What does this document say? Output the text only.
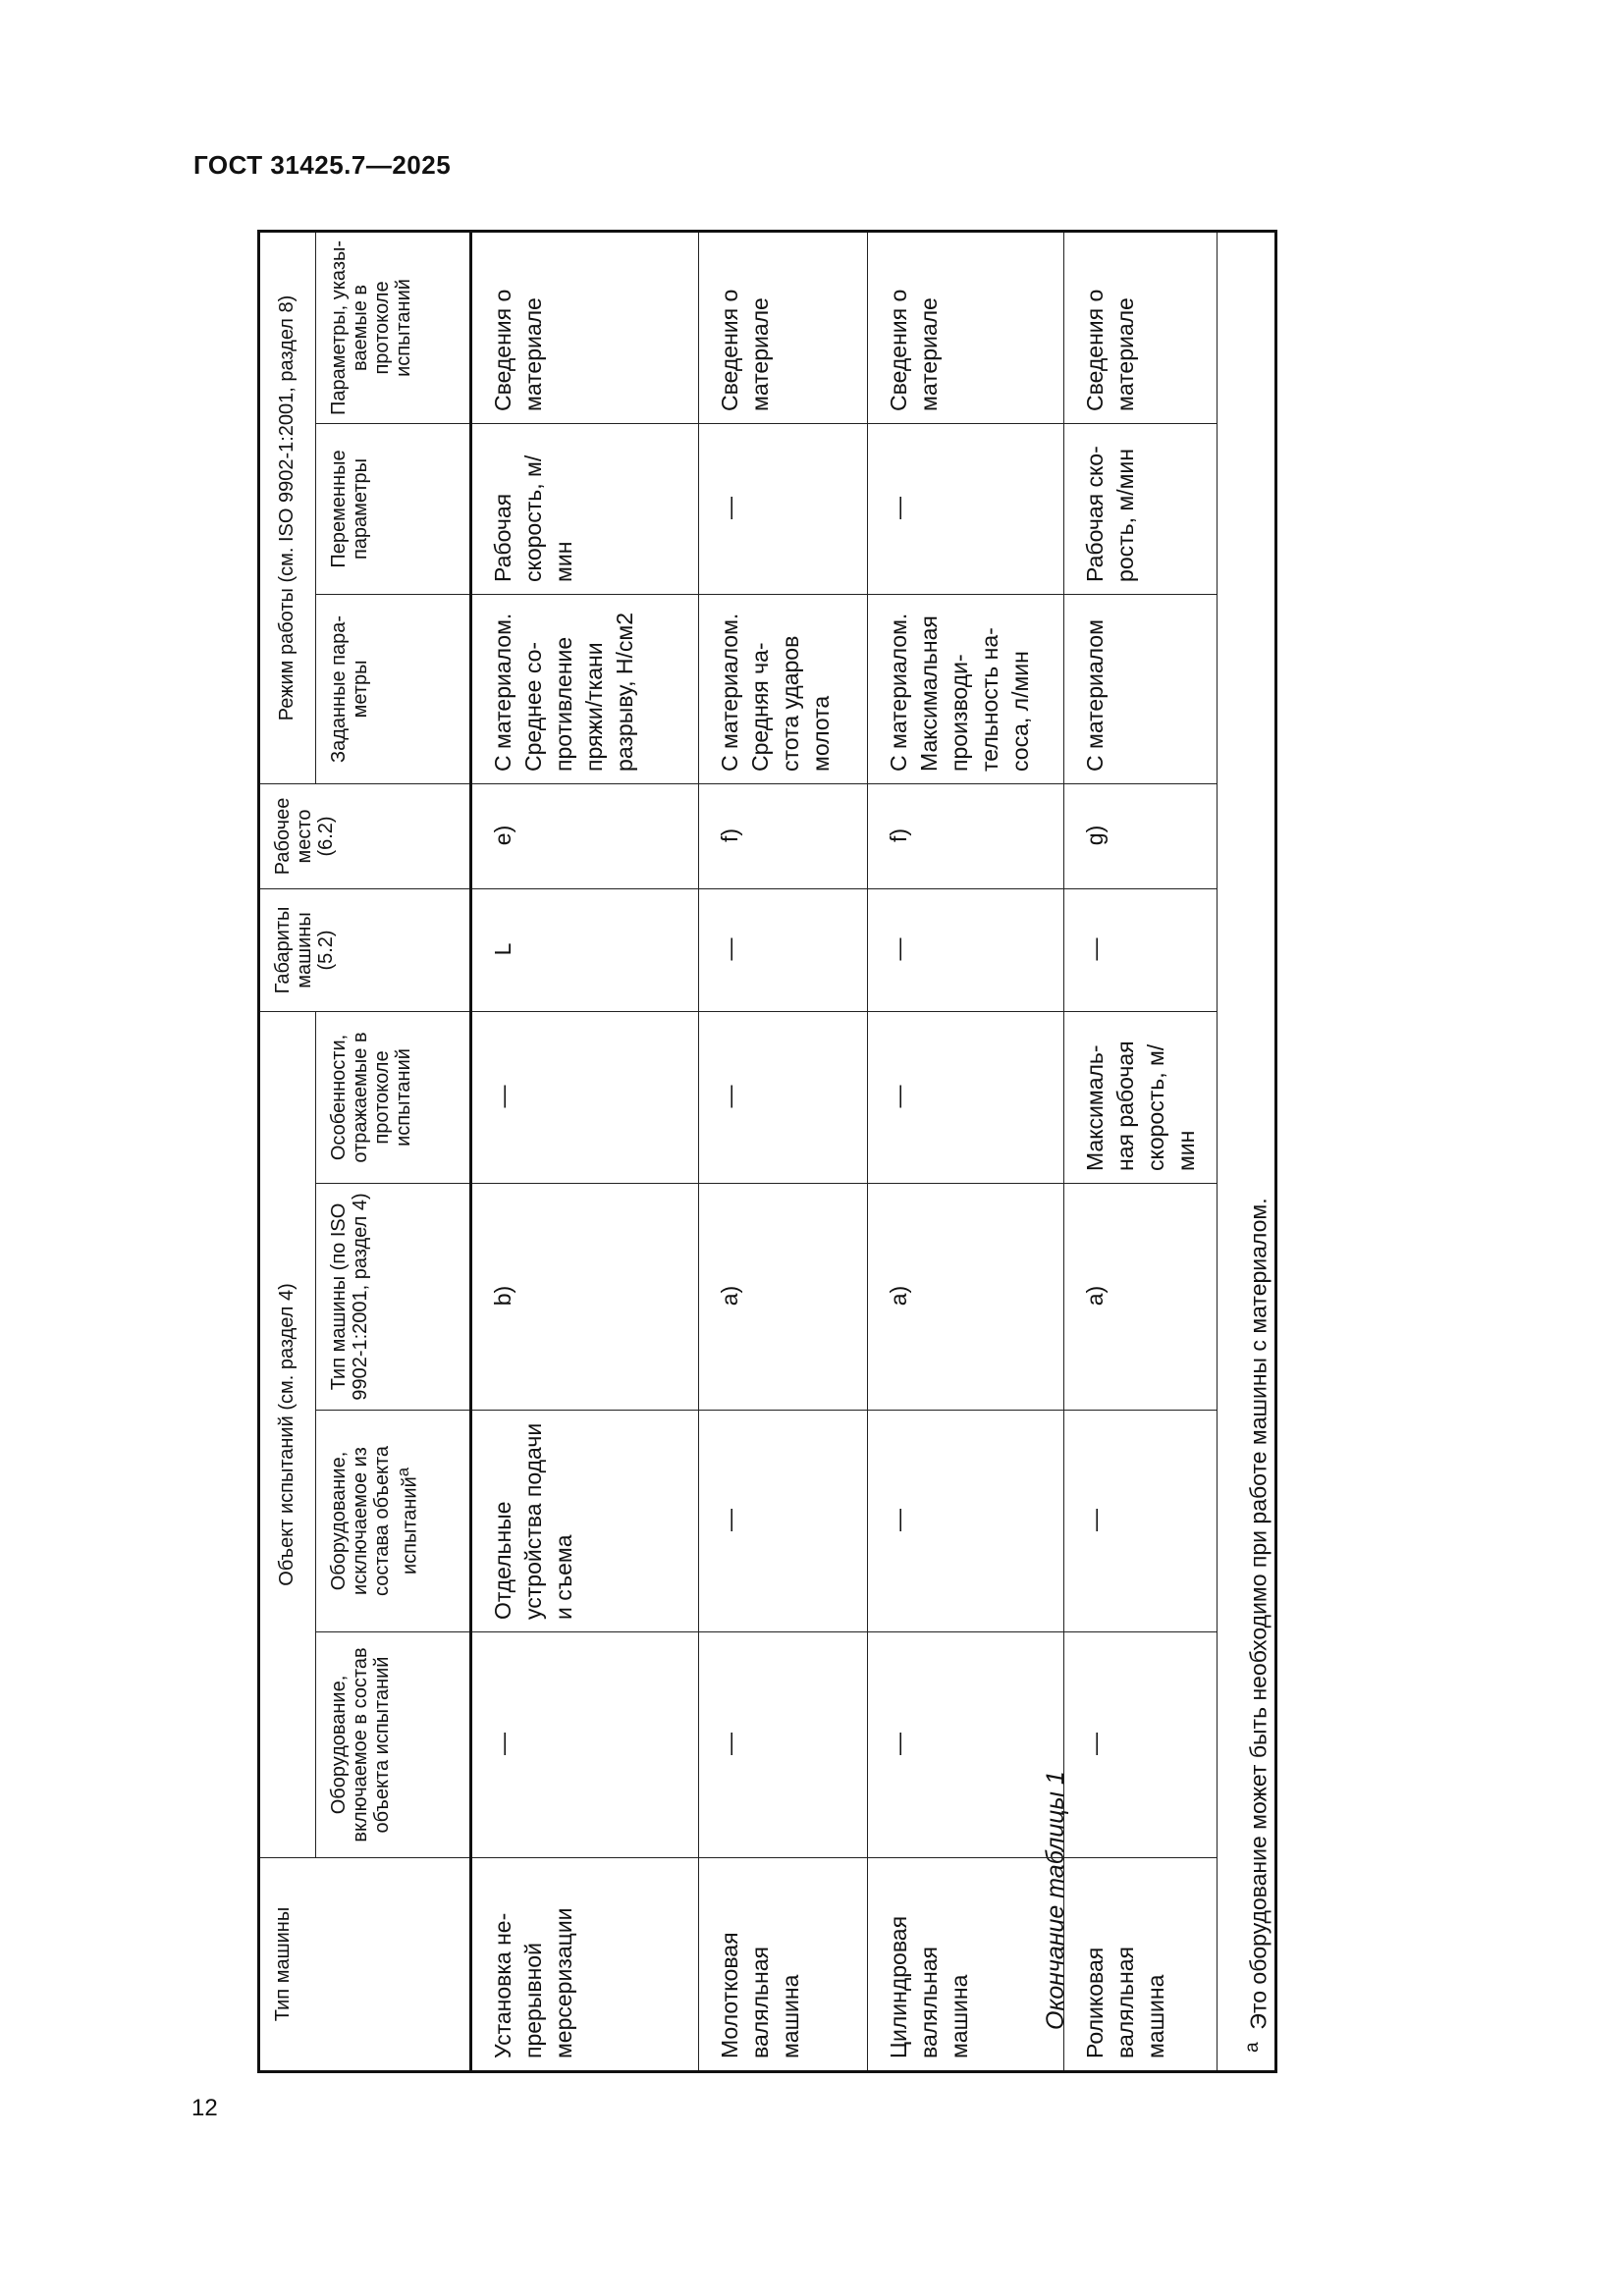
ГОСТ 31425.7—2025
12
Окончание таблицы 1
Тип машины	Объект испытаний (см. раздел 4)				Габариты машины (5.2)	Рабочее место (6.2)	Режим работы (см. ISO 9902-1:2001, раздел 8)		
	Оборудование, включаемое в состав объекта испытаний	Оборудование, исключаемое из состава объекта испытаний$^a$	Тип машины (по ISO 9902-1:2001, раздел 4)	Особенности, отражаемые в протоколе испытаний			Заданные параметры	Переменные параметры	Параметры, указываемые в протоколе испытаний
Установка непрерывной мерсеризации	—	Отдельные устройства подачи и съема	b)	—	L	e)	С материалом. Среднее сопротивление пряжи/ткани разрыву, Н/см2	Рабочая скорость, м/мин	Сведения о материале
Молотковая валяльная машина	—	—	a)	—	—	f)	С материалом. Средняя частота ударов молота	—	Сведения о материале
Цилиндровая валяльная машина	—	—	a)	—	—	f)	С материалом. Максимальная производительность насоса, л/мин	—	Сведения о материале
Роликовая валяльная машина	—	—	a)	Максимальная рабочая скорость, м/мин	—	g)	С материалом	Рабочая скорость, м/мин	Сведения о материале
$^а$  Это оборудование может быть необходимо при работе машины с материалом.									
